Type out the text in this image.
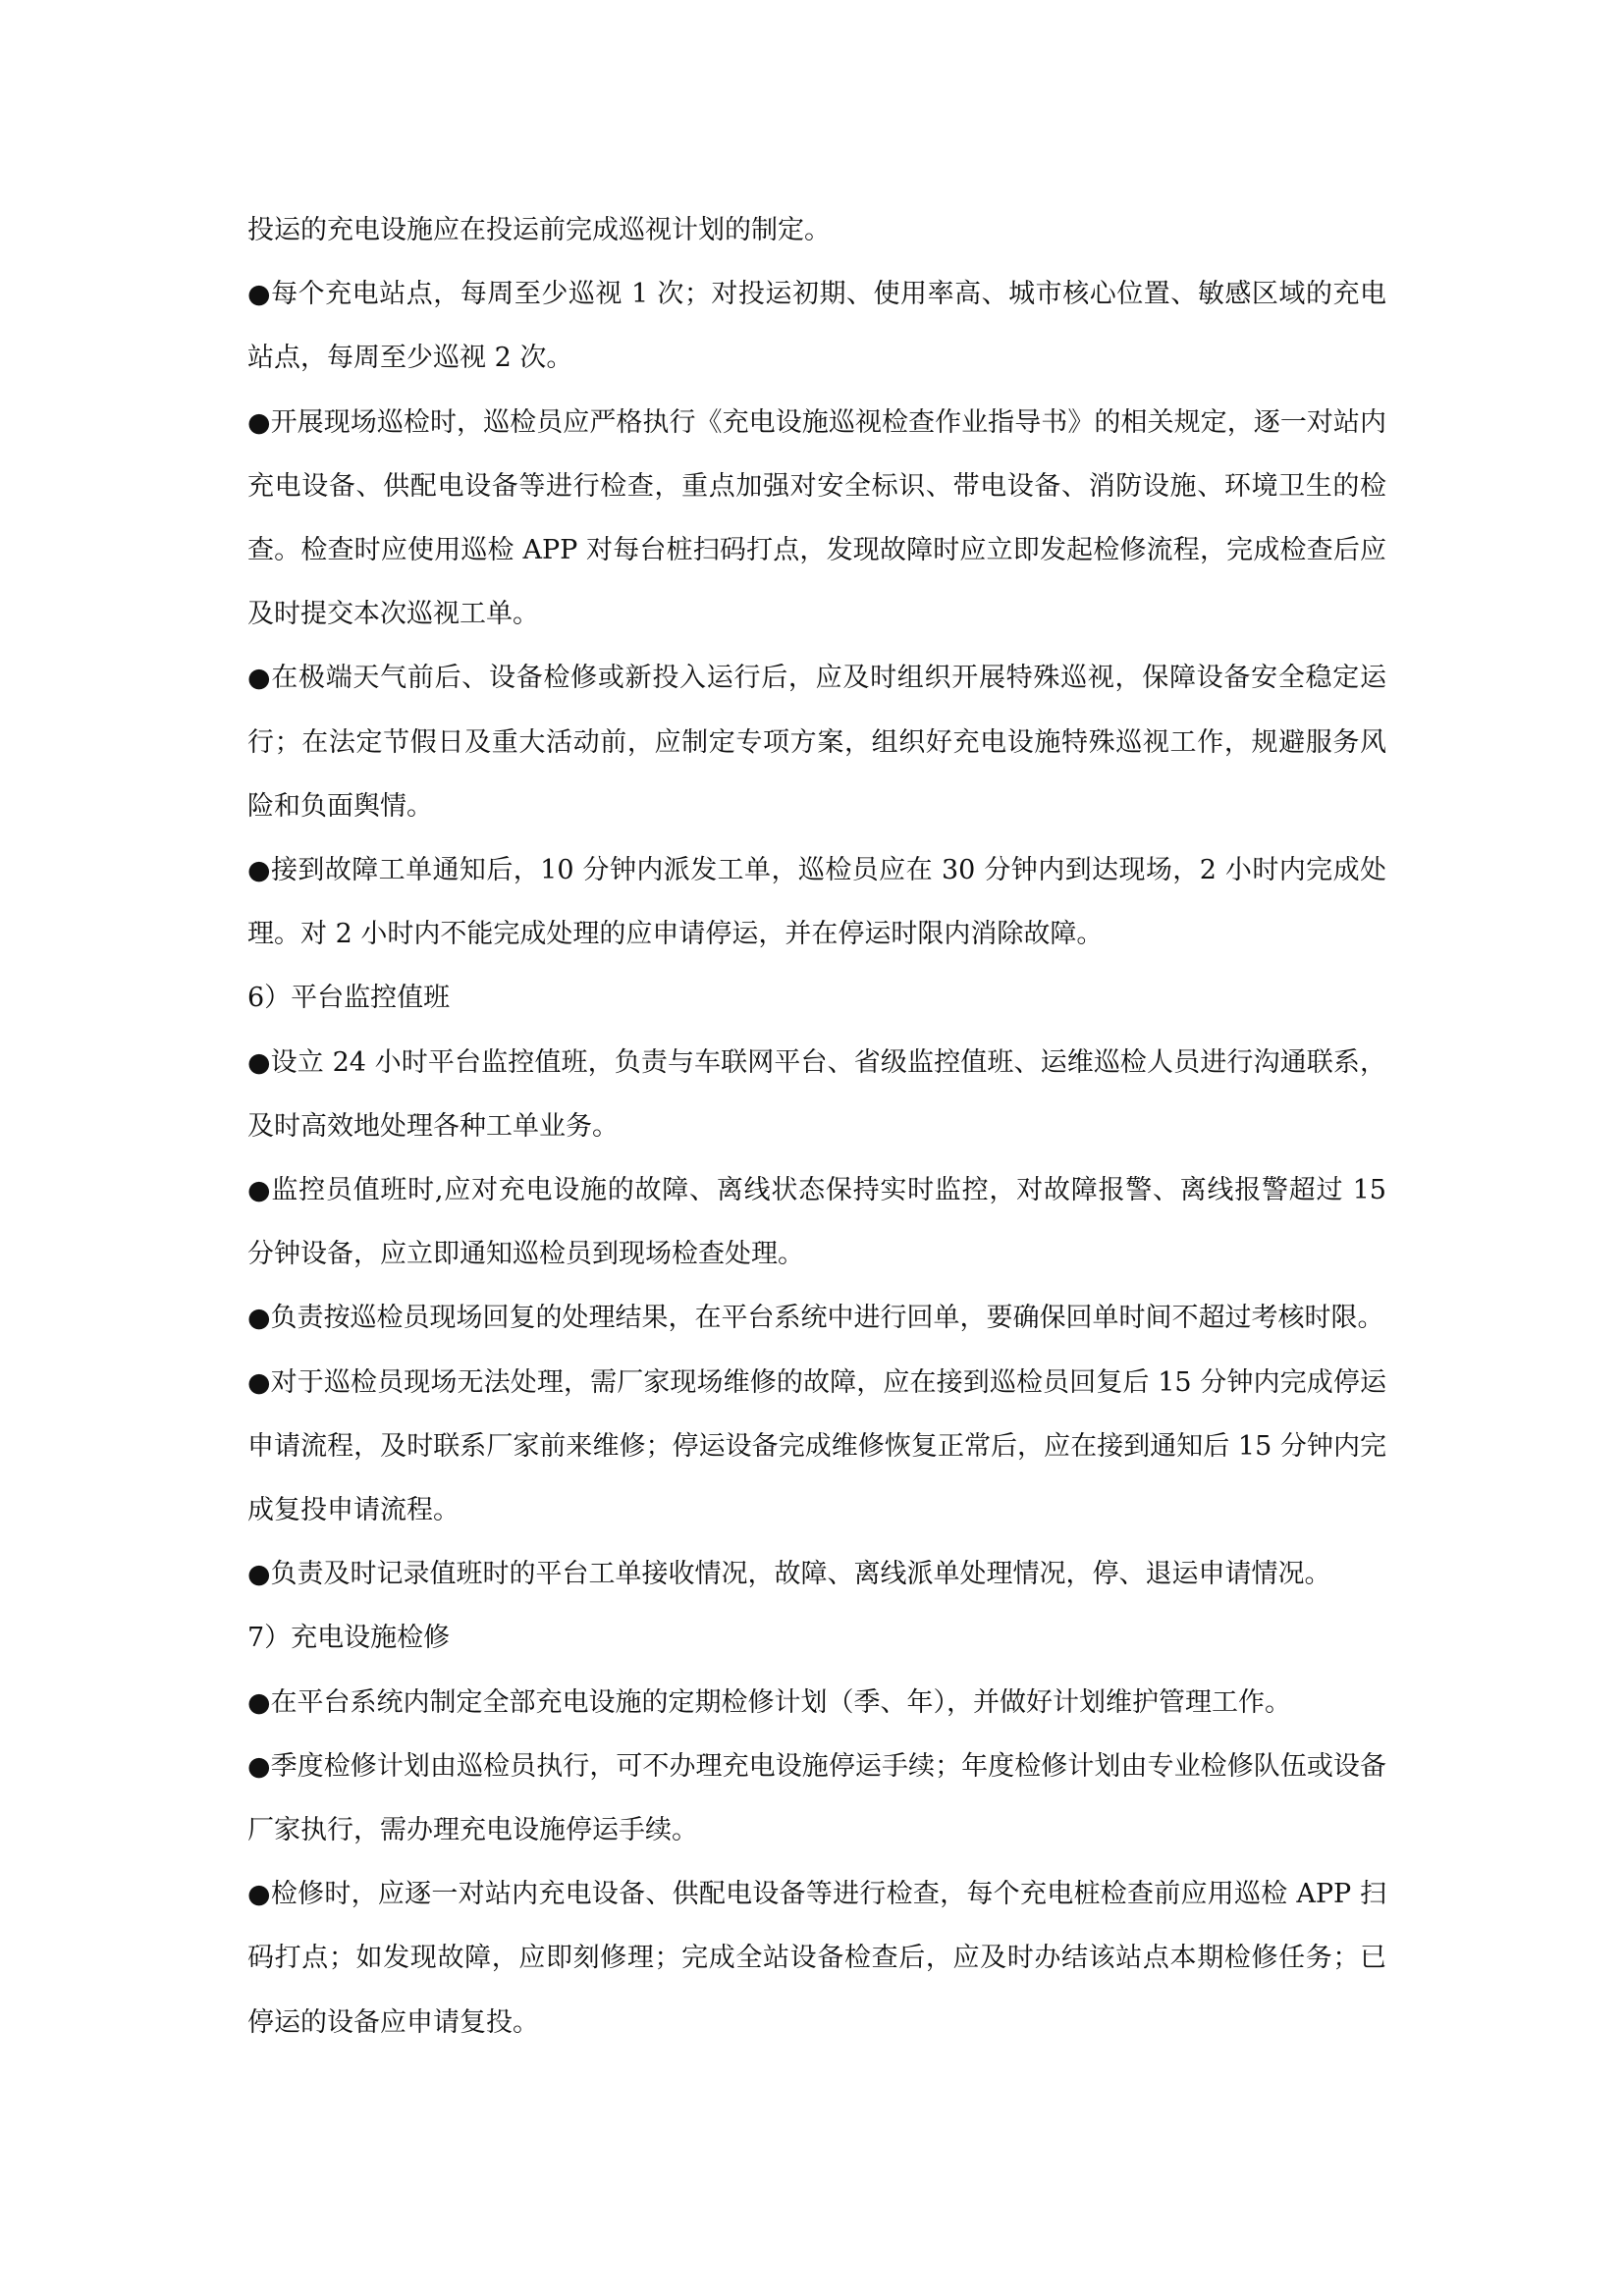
投运的充电设施应在投运前完成巡视计划的制定。

●每个充电站点，每周至少巡视 1 次；对投运初期、使用率高、城市核心位置、敏感区域的充电站点，每周至少巡视 2 次。

●开展现场巡检时，巡检员应严格执行《充电设施巡视检查作业指导书》的相关规定，逐一对站内充电设备、供配电设备等进行检查，重点加强对安全标识、带电设备、消防设施、环境卫生的检查。检查时应使用巡检 APP 对每台桩扫码打点，发现故障时应立即发起检修流程，完成检查后应及时提交本次巡视工单。

●在极端天气前后、设备检修或新投入运行后，应及时组织开展特殊巡视，保障设备安全稳定运行；在法定节假日及重大活动前，应制定专项方案，组织好充电设施特殊巡视工作，规避服务风险和负面舆情。

●接到故障工单通知后，10 分钟内派发工单，巡检员应在 30 分钟内到达现场，2 小时内完成处理。对 2 小时内不能完成处理的应申请停运，并在停运时限内消除故障。

6）平台监控值班

●设立 24 小时平台监控值班，负责与车联网平台、省级监控值班、运维巡检人员进行沟通联系，及时高效地处理各种工单业务。

●监控员值班时,应对充电设施的故障、离线状态保持实时监控，对故障报警、离线报警超过 15 分钟设备，应立即通知巡检员到现场检查处理。

●负责按巡检员现场回复的处理结果，在平台系统中进行回单，要确保回单时间不超过考核时限。

●对于巡检员现场无法处理，需厂家现场维修的故障，应在接到巡检员回复后 15 分钟内完成停运申请流程，及时联系厂家前来维修；停运设备完成维修恢复正常后，应在接到通知后 15 分钟内完成复投申请流程。

●负责及时记录值班时的平台工单接收情况，故障、离线派单处理情况，停、退运申请情况。

7）充电设施检修

●在平台系统内制定全部充电设施的定期检修计划（季、年），并做好计划维护管理工作。

●季度检修计划由巡检员执行，可不办理充电设施停运手续；年度检修计划由专业检修队伍或设备厂家执行，需办理充电设施停运手续。

●检修时，应逐一对站内充电设备、供配电设备等进行检查，每个充电桩检查前应用巡检 APP 扫码打点；如发现故障，应即刻修理；完成全站设备检查后，应及时办结该站点本期检修任务；已停运的设备应申请复投。
